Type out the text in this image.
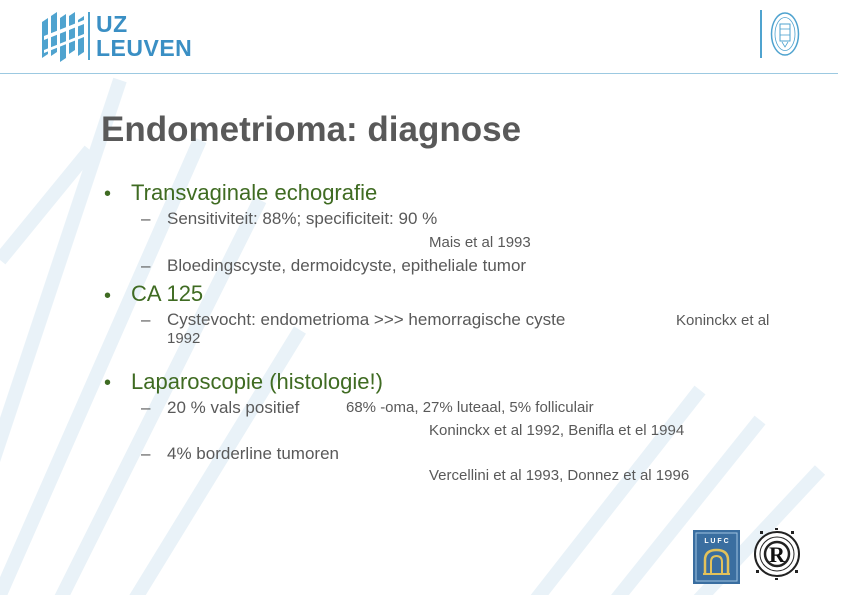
UZ
LEUVEN
Endometrioma: diagnose
• Transvaginale echografie
– Sensitiviteit: 88%; specificiteit: 90 %
Mais et al 1993
– Bloedingscyste, dermoidcyste, epitheliale tumor
• CA 125
– Cystevocht: endometrioma >>> hemorragische cyste	Koninckx et al
1992
• Laparoscopie (histologie!)
– 20 % vals positief	68% -oma, 27% luteaal, 5% folliculair
Koninckx et al 1992, Benifla et el 1994
– 4% borderline tumoren
Vercellini et al 1993, Donnez et al 1996
L U F C
R
